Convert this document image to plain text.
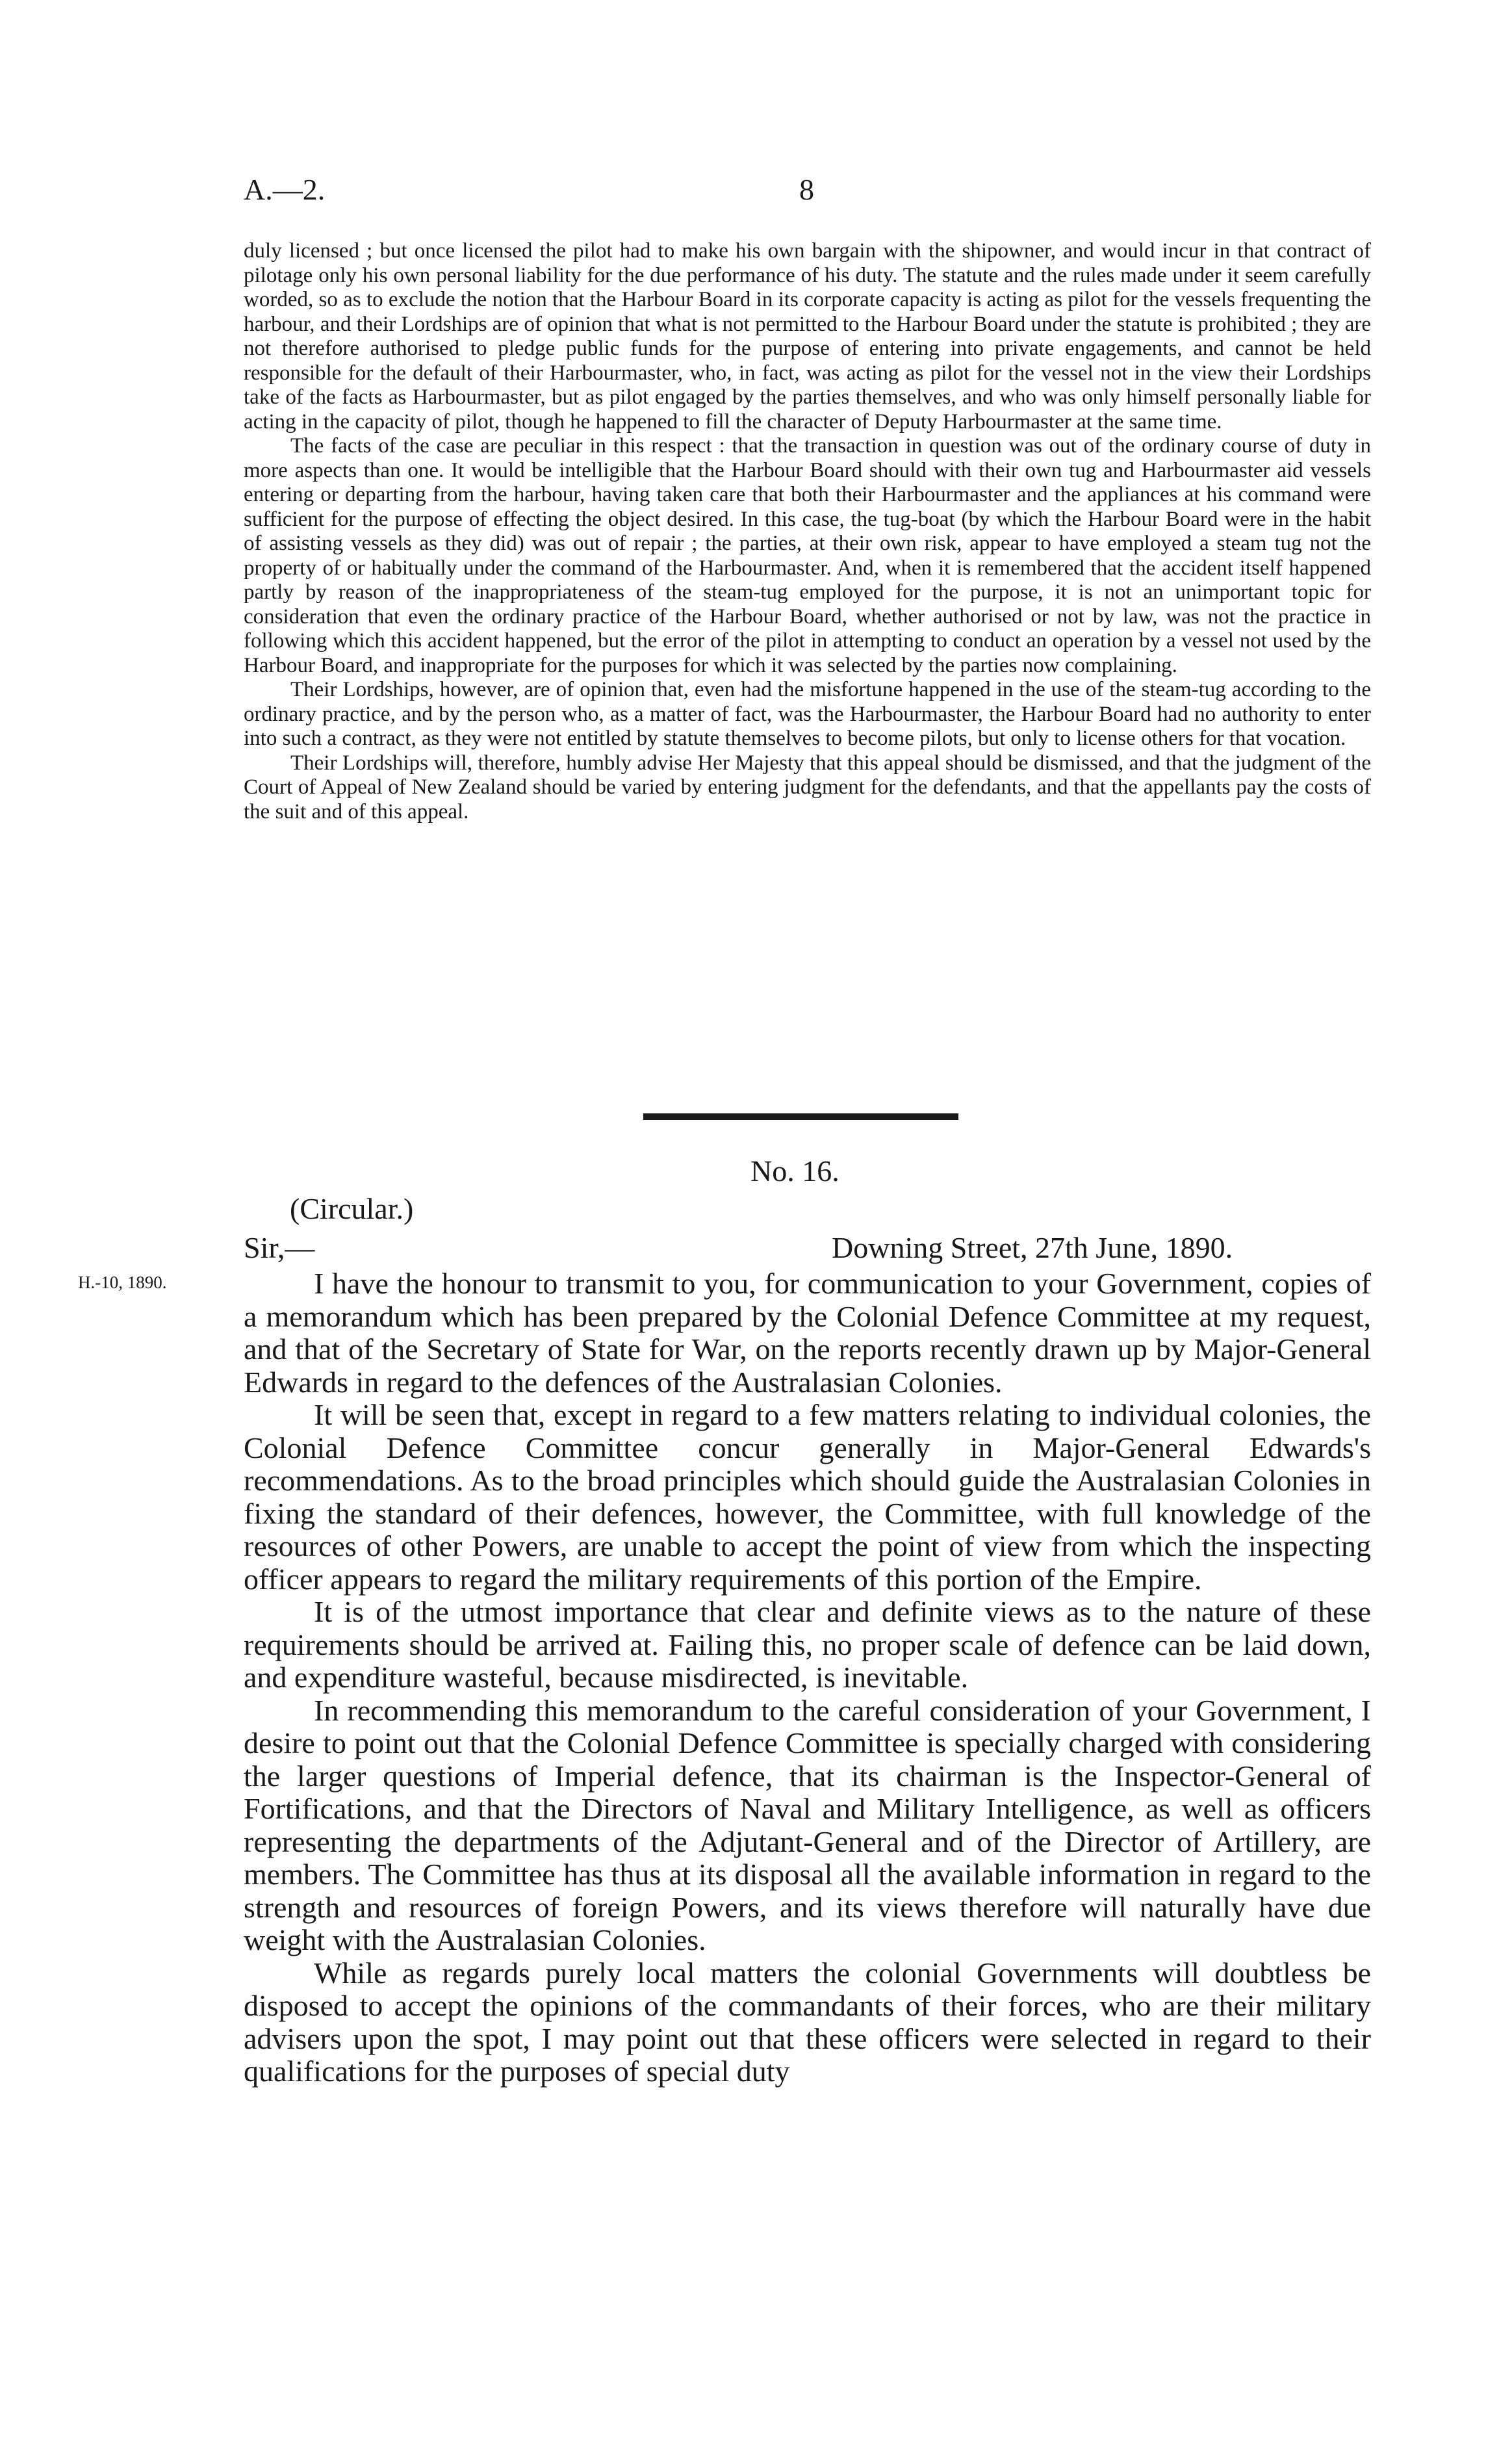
A.—2.	8

duly licensed ; but once licensed the pilot had to make his own bargain with the shipowner, and would incur in that contract of pilotage only his own personal liability for the due performance of his duty. The statute and the rules made under it seem carefully worded, so as to exclude the notion that the Harbour Board in its corporate capacity is acting as pilot for the vessels frequenting the harbour, and their Lordships are of opinion that what is not permitted to the Harbour Board under the statute is prohibited ; they are not therefore authorised to pledge public funds for the purpose of entering into private engagements, and cannot be held responsible for the default of their Harbourmaster, who, in fact, was acting as pilot for the vessel not in the view their Lordships take of the facts as Harbourmaster, but as pilot engaged by the parties themselves, and who was only himself personally liable for acting in the capacity of pilot, though he happened to fill the character of Deputy Harbourmaster at the same time.

The facts of the case are peculiar in this respect : that the transaction in question was out of the ordinary course of duty in more aspects than one. It would be intelligible that the Harbour Board should with their own tug and Harbourmaster aid vessels entering or departing from the harbour, having taken care that both their Harbourmaster and the appliances at his command were sufficient for the purpose of effecting the object desired. In this case, the tug-boat (by which the Harbour Board were in the habit of assisting vessels as they did) was out of repair ; the parties, at their own risk, appear to have employed a steam tug not the property of or habitually under the command of the Harbourmaster. And, when it is remembered that the accident itself happened partly by reason of the inappropriateness of the steam-tug employed for the purpose, it is not an unimportant topic for consideration that even the ordinary practice of the Harbour Board, whether authorised or not by law, was not the practice in following which this accident happened, but the error of the pilot in attempting to conduct an operation by a vessel not used by the Harbour Board, and inappropriate for the purposes for which it was selected by the parties now complaining.

Their Lordships, however, are of opinion that, even had the misfortune happened in the use of the steam-tug according to the ordinary practice, and by the person who, as a matter of fact, was the Harbourmaster, the Harbour Board had no authority to enter into such a contract, as they were not entitled by statute themselves to become pilots, but only to license others for that vocation.

Their Lordships will, therefore, humbly advise Her Majesty that this appeal should be dismissed, and that the judgment of the Court of Appeal of New Zealand should be varied by entering judgment for the defendants, and that the appellants pay the costs of the suit and of this appeal.

No. 16.
(Circular.)
Sir,—	Downing Street, 27th June, 1890.
H.-10, 1890.	I have the honour to transmit to you, for communication to your Government, copies of a memorandum which has been prepared by the Colonial Defence Committee at my request, and that of the Secretary of State for War, on the reports recently drawn up by Major-General Edwards in regard to the defences of the Australasian Colonies.

It will be seen that, except in regard to a few matters relating to individual colonies, the Colonial Defence Committee concur generally in Major-General Edwards's recommendations. As to the broad principles which should guide the Australasian Colonies in fixing the standard of their defences, however, the Committee, with full knowledge of the resources of other Powers, are unable to accept the point of view from which the inspecting officer appears to regard the military requirements of this portion of the Empire.

It is of the utmost importance that clear and definite views as to the nature of these requirements should be arrived at. Failing this, no proper scale of defence can be laid down, and expenditure wasteful, because misdirected, is inevitable.

In recommending this memorandum to the careful consideration of your Government, I desire to point out that the Colonial Defence Committee is specially charged with considering the larger questions of Imperial defence, that its chairman is the Inspector-General of Fortifications, and that the Directors of Naval and Military Intelligence, as well as officers representing the departments of the Adjutant-General and of the Director of Artillery, are members. The Committee has thus at its disposal all the available information in regard to the strength and resources of foreign Powers, and its views therefore will naturally have due weight with the Australasian Colonies.

While as regards purely local matters the colonial Governments will doubtless be disposed to accept the opinions of the commandants of their forces, who are their military advisers upon the spot, I may point out that these officers were selected in regard to their qualifications for the purposes of special duty
